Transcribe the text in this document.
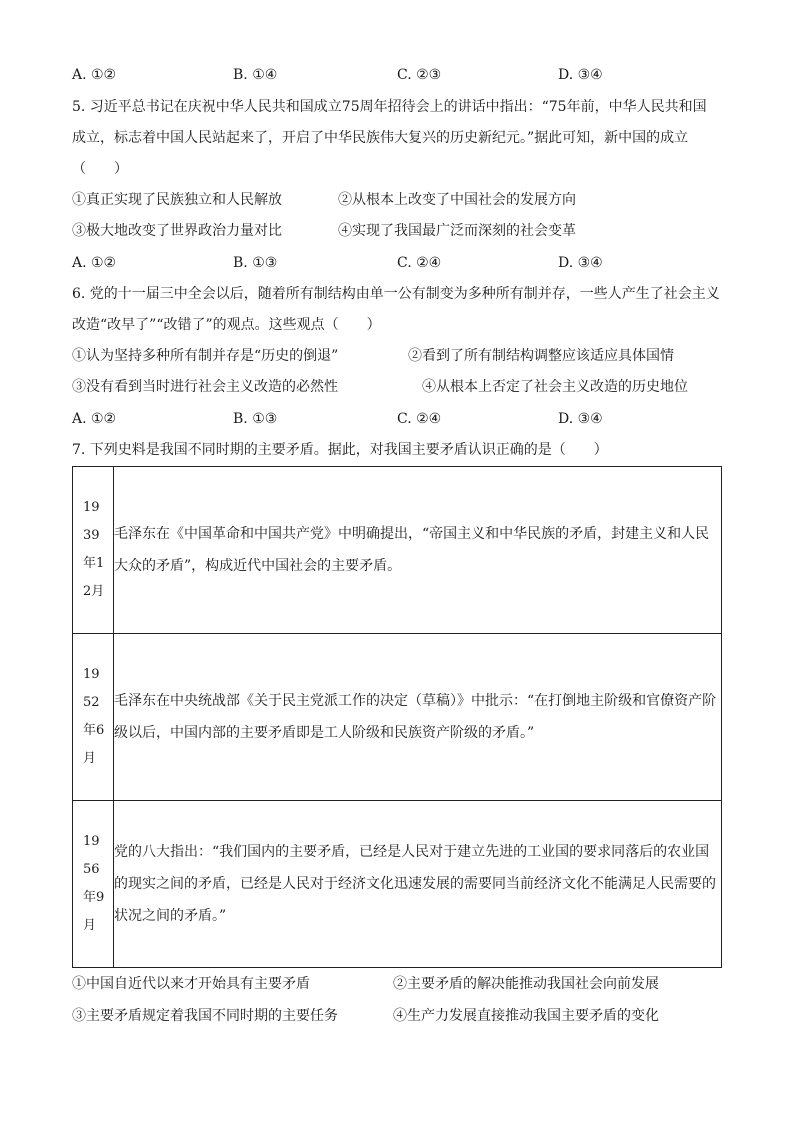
A. ①②	B. ①④	C. ②③	D. ③④
5. 习近平总书记在庆祝中华人民共和国成立75周年招待会上的讲话中指出：“75年前，中华人民共和国
成立，标志着中国人民站起来了，开启了中华民族伟大复兴的历史新纪元。”据此可知，新中国的成立
（　　）
①真正实现了民族独立和人民解放	②从根本上改变了中国社会的发展方向
③极大地改变了世界政治力量对比	④实现了我国最广泛而深刻的社会变革
A. ①②	B. ①③	C. ②④	D. ③④
6. 党的十一届三中全会以后，随着所有制结构由单一公有制变为多种所有制并存，一些人产生了社会主义
改造“改早了”“改错了”的观点。这些观点（　　）
①认为坚持多种所有制并存是“历史的倒退”	②看到了所有制结构调整应该适应具体国情
③没有看到当时进行社会主义改造的必然性	④从根本上否定了社会主义改造的历史地位
A. ①②	B. ①③	C. ②④	D. ③④
7. 下列史料是我国不同时期的主要矛盾。据此，对我国主要矛盾认识正确的是（　　）
1939年12月	毛泽东在《中国革命和中国共产党》中明确提出，“帝国主义和中华民族的矛盾，封建主义和人民大众的矛盾”，构成近代中国社会的主要矛盾。

1952年6月	毛泽东在中央统战部《关于民主党派工作的决定（草稿）》中批示：“在打倒地主阶级和官僚资产阶级以后，中国内部的主要矛盾即是工人阶级和民族资产阶级的矛盾。”

1956年9月	党的八大指出：“我们国内的主要矛盾，已经是人民对于建立先进的工业国的要求同落后的农业国的现实之间的矛盾，已经是人民对于经济文化迅速发展的需要同当前经济文化不能满足人民需要的状况之间的矛盾。”
①中国自近代以来才开始具有主要矛盾	②主要矛盾的解决能推动我国社会向前发展
③主要矛盾规定着我国不同时期的主要任务	④生产力发展直接推动我国主要矛盾的变化
